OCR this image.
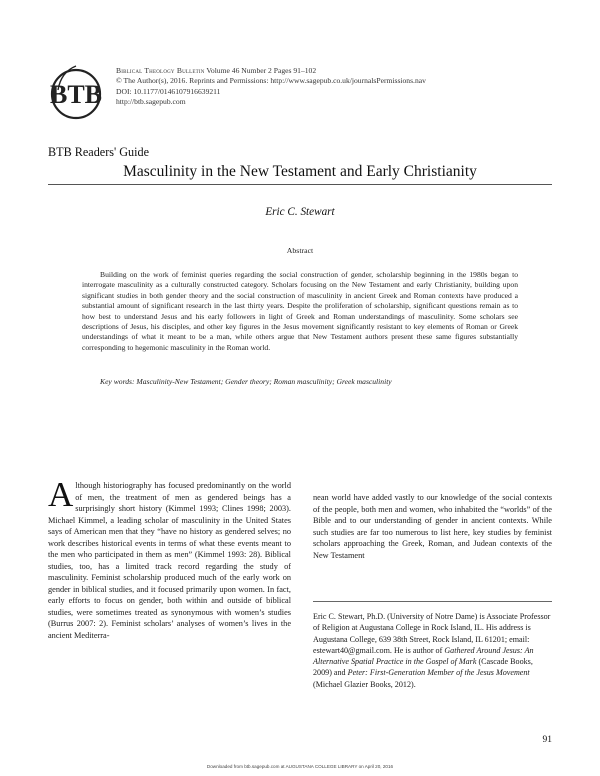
BTB
Biblical Theology Bulletin Volume 46 Number 2 Pages 91–102
© The Author(s), 2016. Reprints and Permissions: http://www.sagepub.co.uk/journalsPermissions.nav
DOI: 10.1177/0146107916639211
http://btb.sagepub.com
BTB Readers' Guide
Masculinity in the New Testament and Early Christianity
Eric C. Stewart
Abstract
Building on the work of feminist queries regarding the social construction of gender, scholarship beginning in the 1980s began to interrogate masculinity as a culturally constructed category. Scholars focusing on the New Testament and early Christianity, building upon significant studies in both gender theory and the social construction of masculinity in ancient Greek and Roman contexts have produced a substantial amount of significant research in the last thirty years. Despite the proliferation of scholarship, significant questions remain as to how best to understand Jesus and his early followers in light of Greek and Roman understandings of masculinity. Some scholars see descriptions of Jesus, his disciples, and other key figures in the Jesus movement significantly resistant to key elements of Roman or Greek understandings of what it meant to be a man, while others argue that New Testament authors present these same figures substantially corresponding to hegemonic masculinity in the Roman world.
Key words: Masculinity-New Testament; Gender theory; Roman masculinity; Greek masculinity
Although historiography has focused predominantly on the world of men, the treatment of men as gendered beings has a surprisingly short history (Kimmel 1993; Clines 1998; 2003). Michael Kimmel, a leading scholar of masculinity in the United States says of American men that they “have no history as gendered selves; no work describes historical events in terms of what these events meant to the men who participated in them as men” (Kimmel 1993: 28). Biblical studies, too, has a limited track record regarding the study of masculinity. Feminist scholarship produced much of the early work on gender in biblical studies, and it focused primarily upon women. In fact, early efforts to focus on gender, both within and outside of biblical studies, were sometimes treated as synonymous with women’s studies (Burrus 2007: 2). Feminist scholars’ analyses of women’s lives in the ancient Mediterra-
nean world have added vastly to our knowledge of the social contexts of the people, both men and women, who inhabited the “worlds” of the Bible and to our understanding of gender in ancient contexts. While such studies are far too numerous to list here, key studies by feminist scholars approaching the Greek, Roman, and Judean contexts of the New Testament
Eric C. Stewart, Ph.D. (University of Notre Dame) is Associate Professor of Religion at Augustana College in Rock Island, IL. His address is Augustana College, 639 38th Street, Rock Island, IL 61201; email: estewart40@gmail.com. He is author of Gathered Around Jesus: An Alternative Spatial Practice in the Gospel of Mark (Cascade Books, 2009) and Peter: First-Generation Member of the Jesus Movement (Michael Glazier Books, 2012).
91
Downloaded from btb.sagepub.com at AUGUSTANA COLLEGE LIBRARY on April 20, 2016
